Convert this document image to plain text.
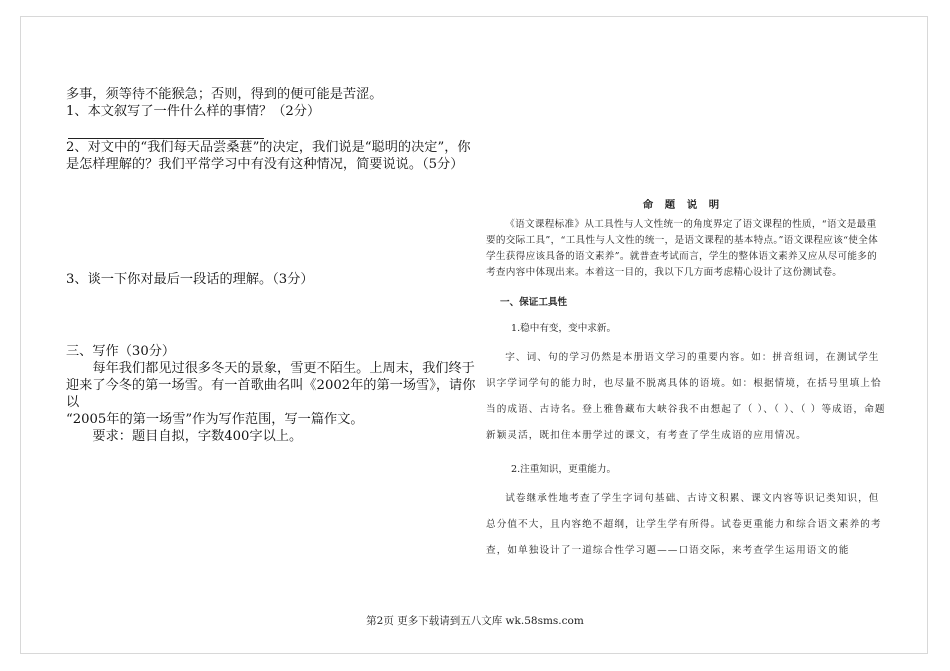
多事，须等待不能猴急；否则，得到的便可能是苦涩。

1、本文叙写了一件什么样的事情？（2分）

2、对文中的“我们每天品尝桑葚”的决定，我们说是“聪明的决定”，你是怎样理解的？我们平常学习中有没有这种情况，简要说说。（5分）

3、谈一下你对最后一段话的理解。（3分）

三、写作（30分）

每年我们都见过很多冬天的景象，雪更不陌生。上周末，我们终于迎来了今冬的第一场雪。有一首歌曲名叫《2002年的第一场雪》，请你以

“2005年的第一场雪”作为写作范围，写一篇作文。

要求：题目自拟，字数400字以上。

命 题 说 明

《语文课程标准》从工具性与人文性统一的角度界定了语文课程的性质，“语文是最重要的交际工具”，“工具性与人文性的统一，是语文课程的基本特点。”语文课程应该“使全体学生获得应该具备的语文素养”。就普查考试而言，学生的整体语文素养又应从尽可能多的考查内容中体现出来。本着这一目的，我以下几方面考虑精心设计了这份测试卷。

一、保证工具性

1.稳中有变，变中求新。

字、词、句的学习仍然是本册语文学习的重要内容。如：拼音组词，在测试学生识字学词学句的能力时，也尽量不脱离具体的语境。如：根据情境，在括号里填上恰当的成语、古诗名。登上雅鲁藏布大峡谷我不由想起了（ ）、（ ）、（ ）等成语，命题新颖灵活，既扣住本册学过的课文，有考查了学生成语的应用情况。

2.注重知识，更重能力。

试卷继承性地考查了学生字词句基础、古诗文积累、课文内容等识记类知识，但总分值不大，且内容绝不超纲，让学生学有所得。试卷更重能力和综合语文素养的考查，如单独设计了一道综合性学习题——口语交际，来考查学生运用语文的能

第2页 更多下载请到五八文库 wk.58sms.com
